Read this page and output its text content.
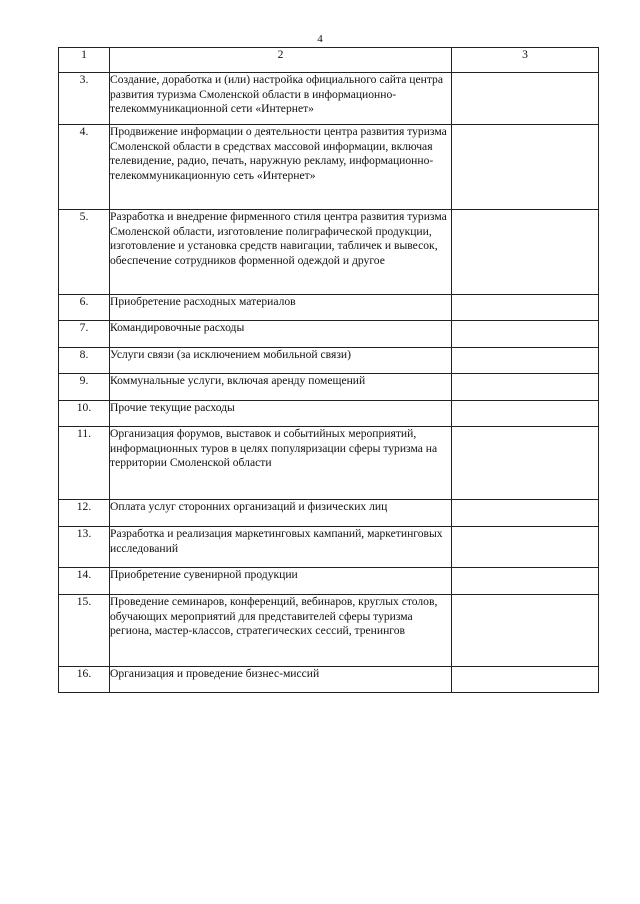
4
1	2	3
3.	Создание, доработка и (или) настройка официального сайта центра развития туризма Смоленской области в информационно-телекоммуникационной сети «Интернет»	
4.	Продвижение информации о деятельности центра развития туризма Смоленской области в средствах массовой информации, включая телевидение, радио, печать, наружную рекламу, информационно-телекоммуникационную сеть «Интернет»	
5.	Разработка и внедрение фирменного стиля центра развития туризма Смоленской области, изготовление полиграфической продукции, изготовление и установка средств навигации, табличек и вывесок, обеспечение сотрудников форменной одеждой и другое	
6.	Приобретение расходных материалов	
7.	Командировочные расходы	
8.	Услуги связи (за исключением мобильной связи)	
9.	Коммунальные услуги, включая аренду помещений	
10.	Прочие текущие расходы	
11.	Организация форумов, выставок и событийных мероприятий, информационных туров в целях популяризации сферы туризма на территории Смоленской области	
12.	Оплата услуг сторонних организаций и физических лиц	
13.	Разработка и реализация маркетинговых кампаний, маркетинговых исследований	
14.	Приобретение сувенирной продукции	
15.	Проведение семинаров, конференций, вебинаров, круглых столов, обучающих мероприятий для представителей сферы туризма региона, мастер-классов, стратегических сессий, тренингов	
16.	Организация и проведение бизнес-миссий	
